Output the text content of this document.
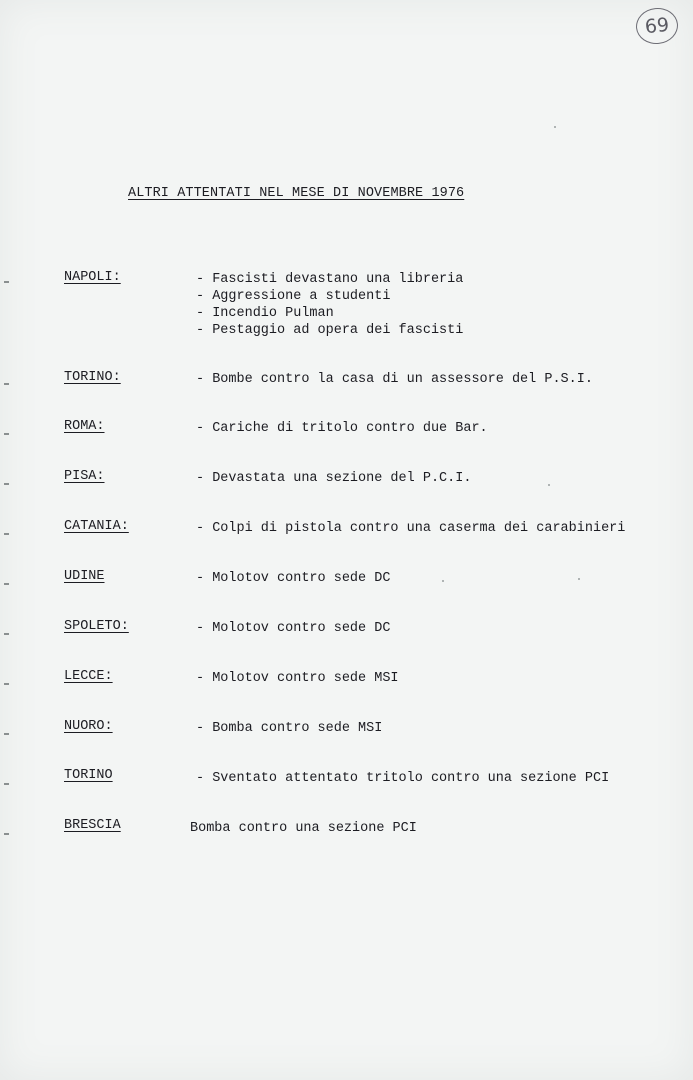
69
ALTRI ATTENTATI NEL MESE DI NOVEMBRE 1976
NAPOLI:	- Fascisti devastano una libreria
- Aggressione a studenti
- Incendio Pulman
- Pestaggio ad opera dei fascisti
TORINO:	- Bombe contro la casa di un assessore del P.S.I.
ROMA:	- Cariche di tritolo contro due Bar.
PISA:	- Devastata una sezione del P.C.I.
CATANIA:	- Colpi di pistola contro una caserma dei carabinieri
UDINE	- Molotov contro sede DC
SPOLETO:	- Molotov contro sede DC
LECCE:	- Molotov contro sede MSI
NUORO:	- Bomba contro sede MSI
TORINO	- Sventato attentato tritolo contro una sezione PCI
BRESCIA	Bomba contro una sezione PCI
